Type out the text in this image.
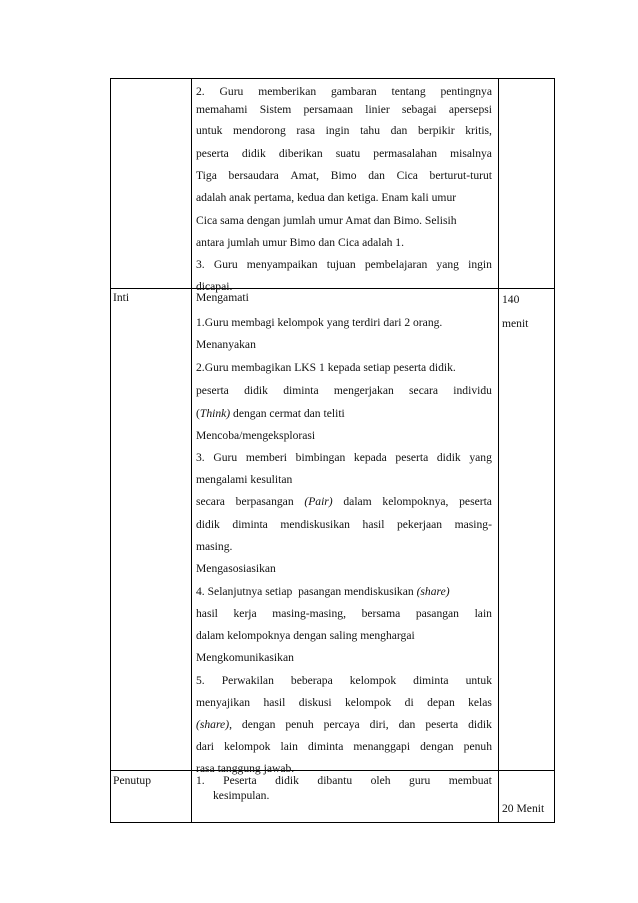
2. Guru memberikan gambaran tentang pentingnya
memahami Sistem persamaan linier sebagai apersepsi
untuk mendorong rasa ingin tahu dan berpikir kritis,
peserta didik diberikan suatu permasalahan misalnya
Tiga bersaudara Amat, Bimo dan Cica berturut-turut
adalah anak pertama, kedua dan ketiga. Enam kali umur
Cica sama dengan jumlah umur Amat dan Bimo. Selisih
antara jumlah umur Bimo dan Cica adalah 1.
3. Guru menyampaikan tujuan pembelajaran yang ingin
dicapai.
Inti	140
menit
Mengamati
1.Guru membagi kelompok yang terdiri dari 2 orang.
Menanyakan
2.Guru membagikan LKS 1 kepada setiap peserta didik.
peserta didik diminta mengerjakan secara individu
(Think) dengan cermat dan teliti
Mencoba/mengeksplorasi
3. Guru memberi bimbingan kepada peserta didik yang
mengalami kesulitan
secara berpasangan (Pair) dalam kelompoknya, peserta
didik diminta mendiskusikan hasil pekerjaan masing-
masing.
Mengasosiasikan
4. Selanjutnya setiap  pasangan mendiskusikan (share)
hasil kerja masing-masing, bersama pasangan lain
dalam kelompoknya dengan saling menghargai
Mengkomunikasikan
5. Perwakilan beberapa kelompok diminta untuk
menyajikan hasil diskusi kelompok di depan kelas
(share), dengan penuh percaya diri, dan peserta didik
dari kelompok lain diminta menanggapi dengan penuh
rasa tanggung jawab.
Penutup	1. Peserta didik dibantu oleh guru membuat
kesimpulan.
20 Menit
